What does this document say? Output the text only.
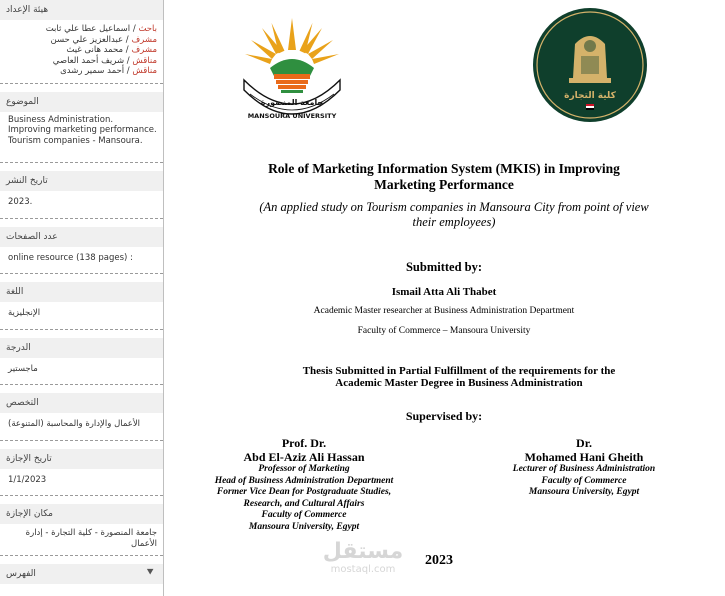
هيئة الإعداد
باحث / اسماعيل عطا علي ثابت
مشرف / عبدالعزيز علي حسن
مشرف / محمد هانى غيث
مناقش / شريف أحمد العاصي
مناقش / أحمد سمير رشدى
الموضوع
Business Administration. Improving marketing performance. Tourism companies - Mansoura.
تاريخ النشر
2023.
عدد الصفحات
online resource (138 pages) :
اللغة
الإنجليزية
الدرجة
ماجستير
التخصص
الأعمال والإدارة والمحاسبة (المتنوعة)
تاريخ الإجازة
1/1/2023
مكان الإجازة
جامعة المنصورة - كلية التجارة - إدارة الأعمال
الفهرس	⯆
جامعة المنصورة
MANSOURA UNIVERSITY
كلية التجارة
Role of Marketing Information System (MKIS) in Improving
Marketing Performance
(An applied study on Tourism companies in Mansoura City from point of view
their employees)
Submitted by:
Ismail Atta Ali Thabet
Academic Master researcher at Business Administration Department
Faculty of Commerce – Mansoura University
Thesis Submitted in Partial Fulfillment of the requirements for the
Academic Master Degree in Business Administration
Supervised by:
Prof. Dr.
Abd El-Aziz Ali Hassan
Professor of Marketing
Head of Business Administration Department
Former Vice Dean for Postgraduate Studies,
Research, and Cultural Affairs
Faculty of Commerce
Mansoura University, Egypt
Dr.
Mohamed Hani Gheith
Lecturer of Business Administration
Faculty of Commerce
Mansoura University, Egypt
مستقل
mostaql.com
2023
